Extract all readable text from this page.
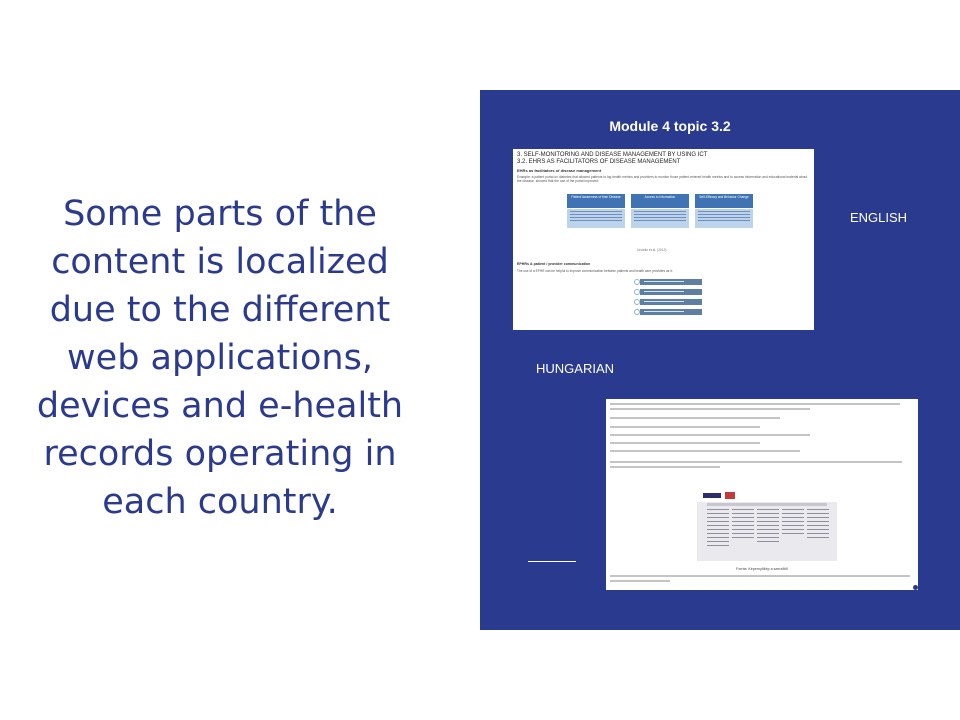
Some parts of the content is localized due to the different web applications, devices and e-health records operating in each country.
Module 4 topic 3.2
3. SELF-MONITORING AND DISEASE MANAGEMENT BY USING ICT
3.2. EHRS AS FACILITATORS OF DISEASE MANAGEMENT
EHRs as facilitators of disease management
Example: a patient portal on diabetes that allowed patients to log health metrics and providers to monitor those patient-entered health metrics and to access information and educational material about the disease, showed that the use of the portal improved:
Patient Awareness of their Disease	Access to Information	Self-Efficacy and Behavior Change
Urowitz et al. (2012)
EPHRs & patient / provider communication
The use of a EPHR can be helpful to improve communication between patients and health care providers as it:
ENGLISH
HUNGARIAN
Forrás: Képernyőkép a szerzőtől
